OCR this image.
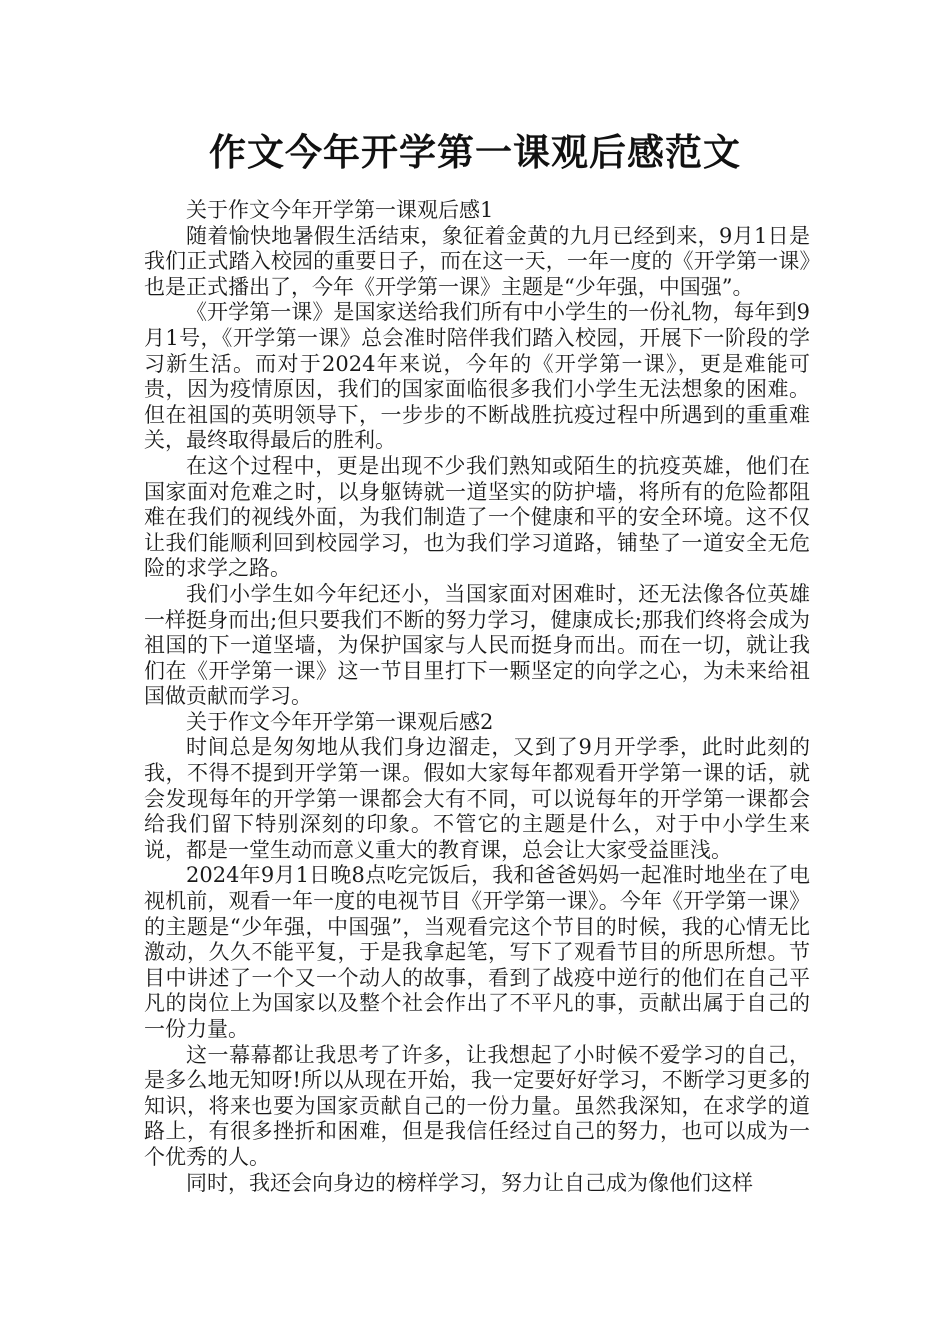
作文今年开学第一课观后感范文

关于作文今年开学第一课观后感1

随着愉快地暑假生活结束，象征着金黄的九月已经到来，9月1日是我们正式踏入校园的重要日子，而在这一天，一年一度的《开学第一课》也是正式播出了，今年《开学第一课》主题是“少年强，中国强”。

《开学第一课》是国家送给我们所有中小学生的一份礼物，每年到9月1号，《开学第一课》总会准时陪伴我们踏入校园，开展下一阶段的学习新生活。而对于2024年来说，今年的《开学第一课》，更是难能可贵，因为疫情原因，我们的国家面临很多我们小学生无法想象的困难。但在祖国的英明领导下，一步步的不断战胜抗疫过程中所遇到的重重难关，最终取得最后的胜利。

在这个过程中，更是出现不少我们熟知或陌生的抗疫英雄，他们在国家面对危难之时，以身躯铸就一道坚实的防护墙，将所有的危险都阻难在我们的视线外面，为我们制造了一个健康和平的安全环境。这不仅让我们能顺利回到校园学习，也为我们学习道路，铺垫了一道安全无危险的求学之路。

我们小学生如今年纪还小，当国家面对困难时，还无法像各位英雄一样挺身而出;但只要我们不断的努力学习，健康成长;那我们终将会成为祖国的下一道坚墙，为保护国家与人民而挺身而出。而在一切，就让我们在《开学第一课》这一节目里打下一颗坚定的向学之心，为未来给祖国做贡献而学习。

关于作文今年开学第一课观后感2

时间总是匆匆地从我们身边溜走，又到了9月开学季，此时此刻的我，不得不提到开学第一课。假如大家每年都观看开学第一课的话，就会发现每年的开学第一课都会大有不同，可以说每年的开学第一课都会给我们留下特别深刻的印象。不管它的主题是什么，对于中小学生来说，都是一堂生动而意义重大的教育课，总会让大家受益匪浅。

2024年9月1日晚8点吃完饭后，我和爸爸妈妈一起准时地坐在了电视机前，观看一年一度的电视节目《开学第一课》。今年《开学第一课》的主题是“少年强，中国强”，当观看完这个节目的时候，我的心情无比激动，久久不能平复，于是我拿起笔，写下了观看节目的所思所想。节目中讲述了一个又一个动人的故事，看到了战疫中逆行的他们在自己平凡的岗位上为国家以及整个社会作出了不平凡的事，贡献出属于自己的一份力量。

这一幕幕都让我思考了许多，让我想起了小时候不爱学习的自己，是多么地无知呀!所以从现在开始，我一定要好好学习，不断学习更多的知识，将来也要为国家贡献自己的一份力量。虽然我深知，在求学的道路上，有很多挫折和困难，但是我信任经过自己的努力，也可以成为一个优秀的人。

同时，我还会向身边的榜样学习，努力让自己成为像他们这样
